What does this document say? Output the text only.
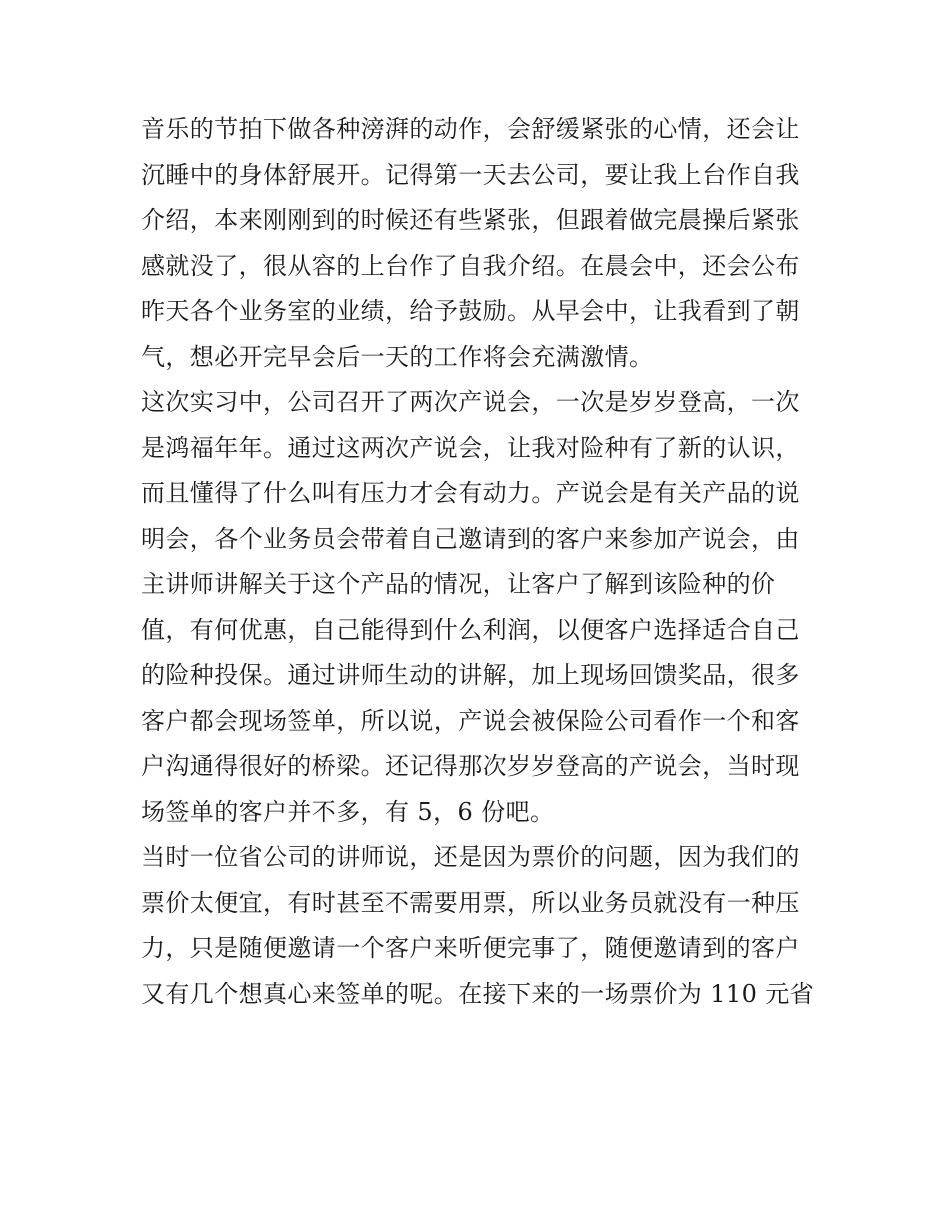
音乐的节拍下做各种滂湃的动作，会舒缓紧张的心情，还会让
沉睡中的身体舒展开。记得第一天去公司，要让我上台作自我
介绍，本来刚刚到的时候还有些紧张，但跟着做完晨操后紧张
感就没了，很从容的上台作了自我介绍。在晨会中，还会公布
昨天各个业务室的业绩，给予鼓励。从早会中，让我看到了朝
气，想必开完早会后一天的工作将会充满激情。
这次实习中，公司召开了两次产说会，一次是岁岁登高，一次
是鸿福年年。通过这两次产说会，让我对险种有了新的认识，
而且懂得了什么叫有压力才会有动力。产说会是有关产品的说
明会，各个业务员会带着自己邀请到的客户来参加产说会，由
主讲师讲解关于这个产品的情况，让客户了解到该险种的价
值，有何优惠，自己能得到什么利润，以便客户选择适合自己
的险种投保。通过讲师生动的讲解，加上现场回馈奖品，很多
客户都会现场签单，所以说，产说会被保险公司看作一个和客
户沟通得很好的桥梁。还记得那次岁岁登高的产说会，当时现
场签单的客户并不多，有 5，6 份吧。
当时一位省公司的讲师说，还是因为票价的问题，因为我们的
票价太便宜，有时甚至不需要用票，所以业务员就没有一种压
力，只是随便邀请一个客户来听便完事了，随便邀请到的客户
又有几个想真心来签单的呢。在接下来的一场票价为 110 元省
